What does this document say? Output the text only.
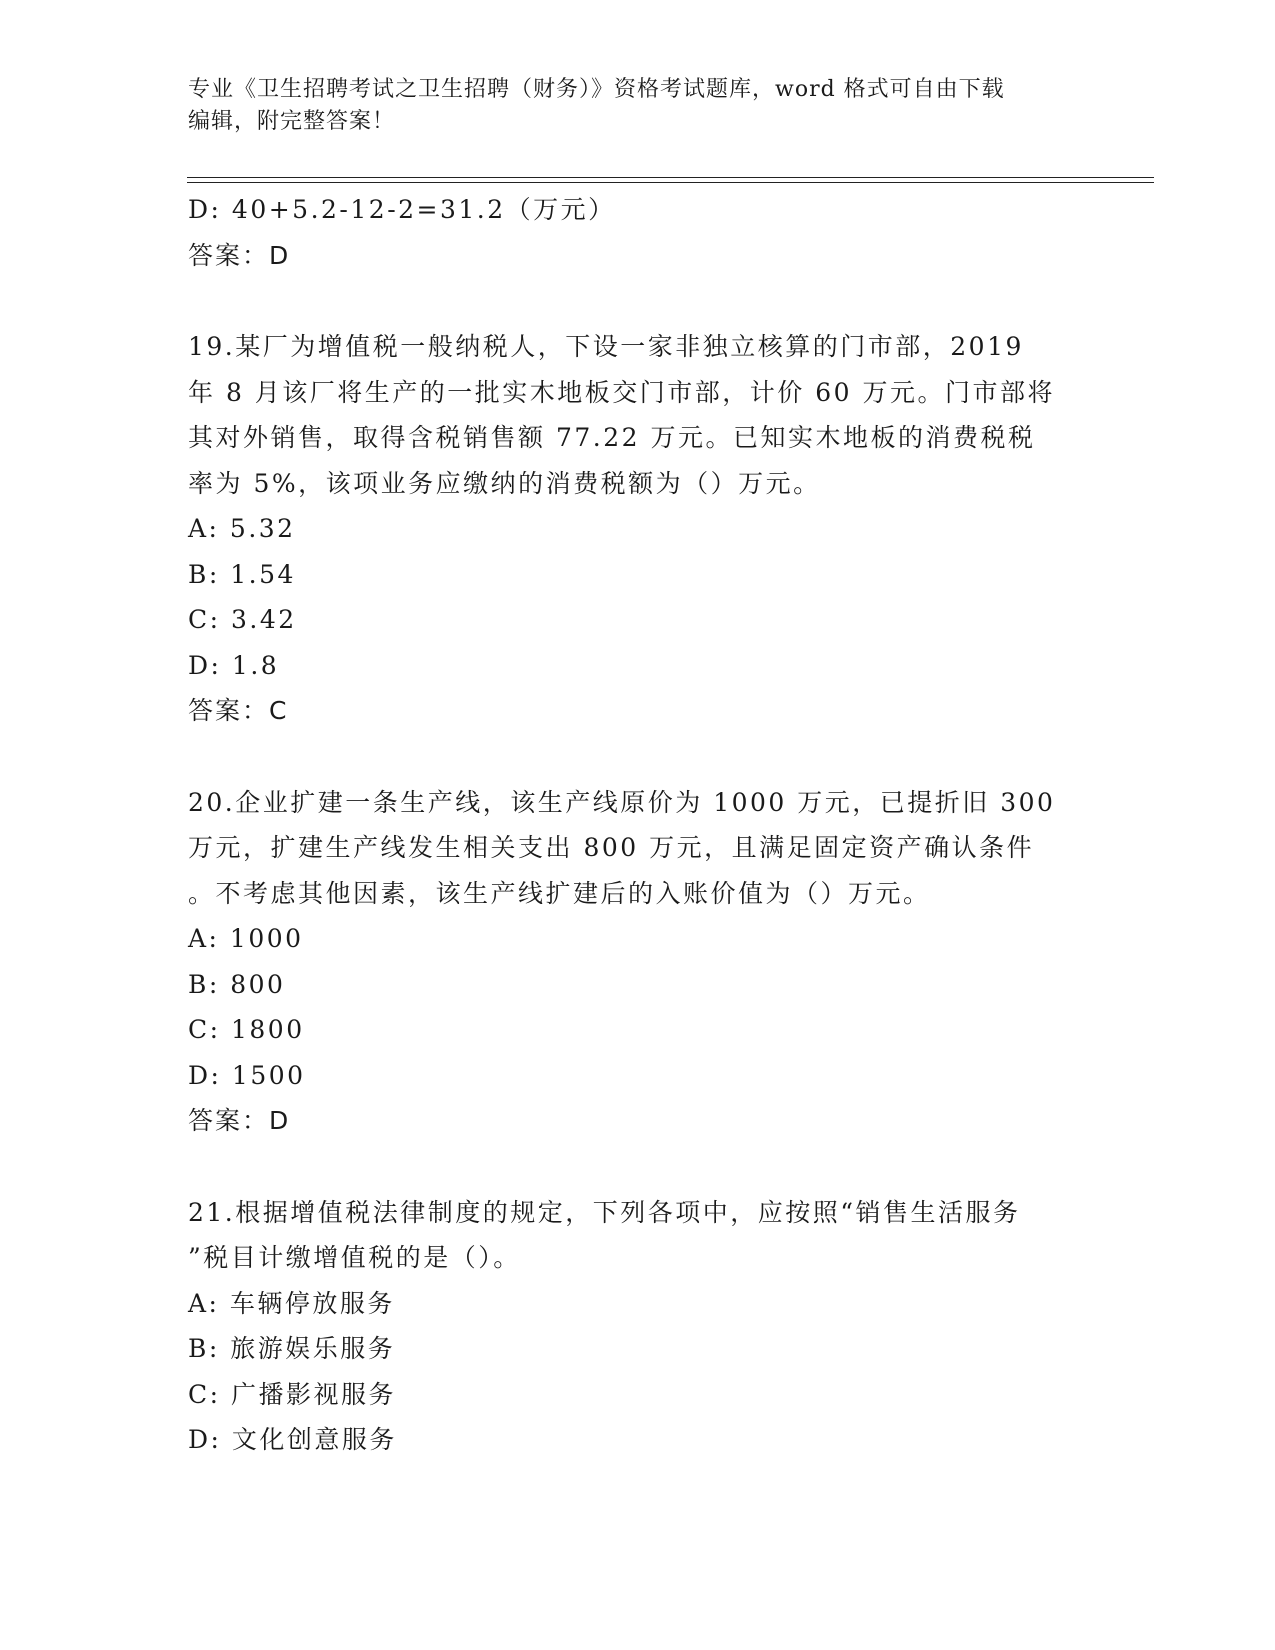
专业《卫生招聘考试之卫生招聘（财务）》资格考试题库，word 格式可自由下载
编辑，附完整答案！
D: 40+5.2-12-2=31.2（万元）
答案：D
19.某厂为增值税一般纳税人，下设一家非独立核算的门市部，2019
年 8 月该厂将生产的一批实木地板交门市部，计价 60 万元。门市部将
其对外销售，取得含税销售额 77.22 万元。已知实木地板的消费税税
率为 5%，该项业务应缴纳的消费税额为（）万元。
A: 5.32
B: 1.54
C: 3.42
D: 1.8
答案：C
20.企业扩建一条生产线，该生产线原价为 1000 万元，已提折旧 300
万元，扩建生产线发生相关支出 800 万元，且满足固定资产确认条件
。不考虑其他因素，该生产线扩建后的入账价值为（）万元。
A: 1000
B: 800
C: 1800
D: 1500
答案：D
21.根据增值税法律制度的规定，下列各项中，应按照“销售生活服务
”税目计缴增值税的是（）。
A: 车辆停放服务
B: 旅游娱乐服务
C: 广播影视服务
D: 文化创意服务
